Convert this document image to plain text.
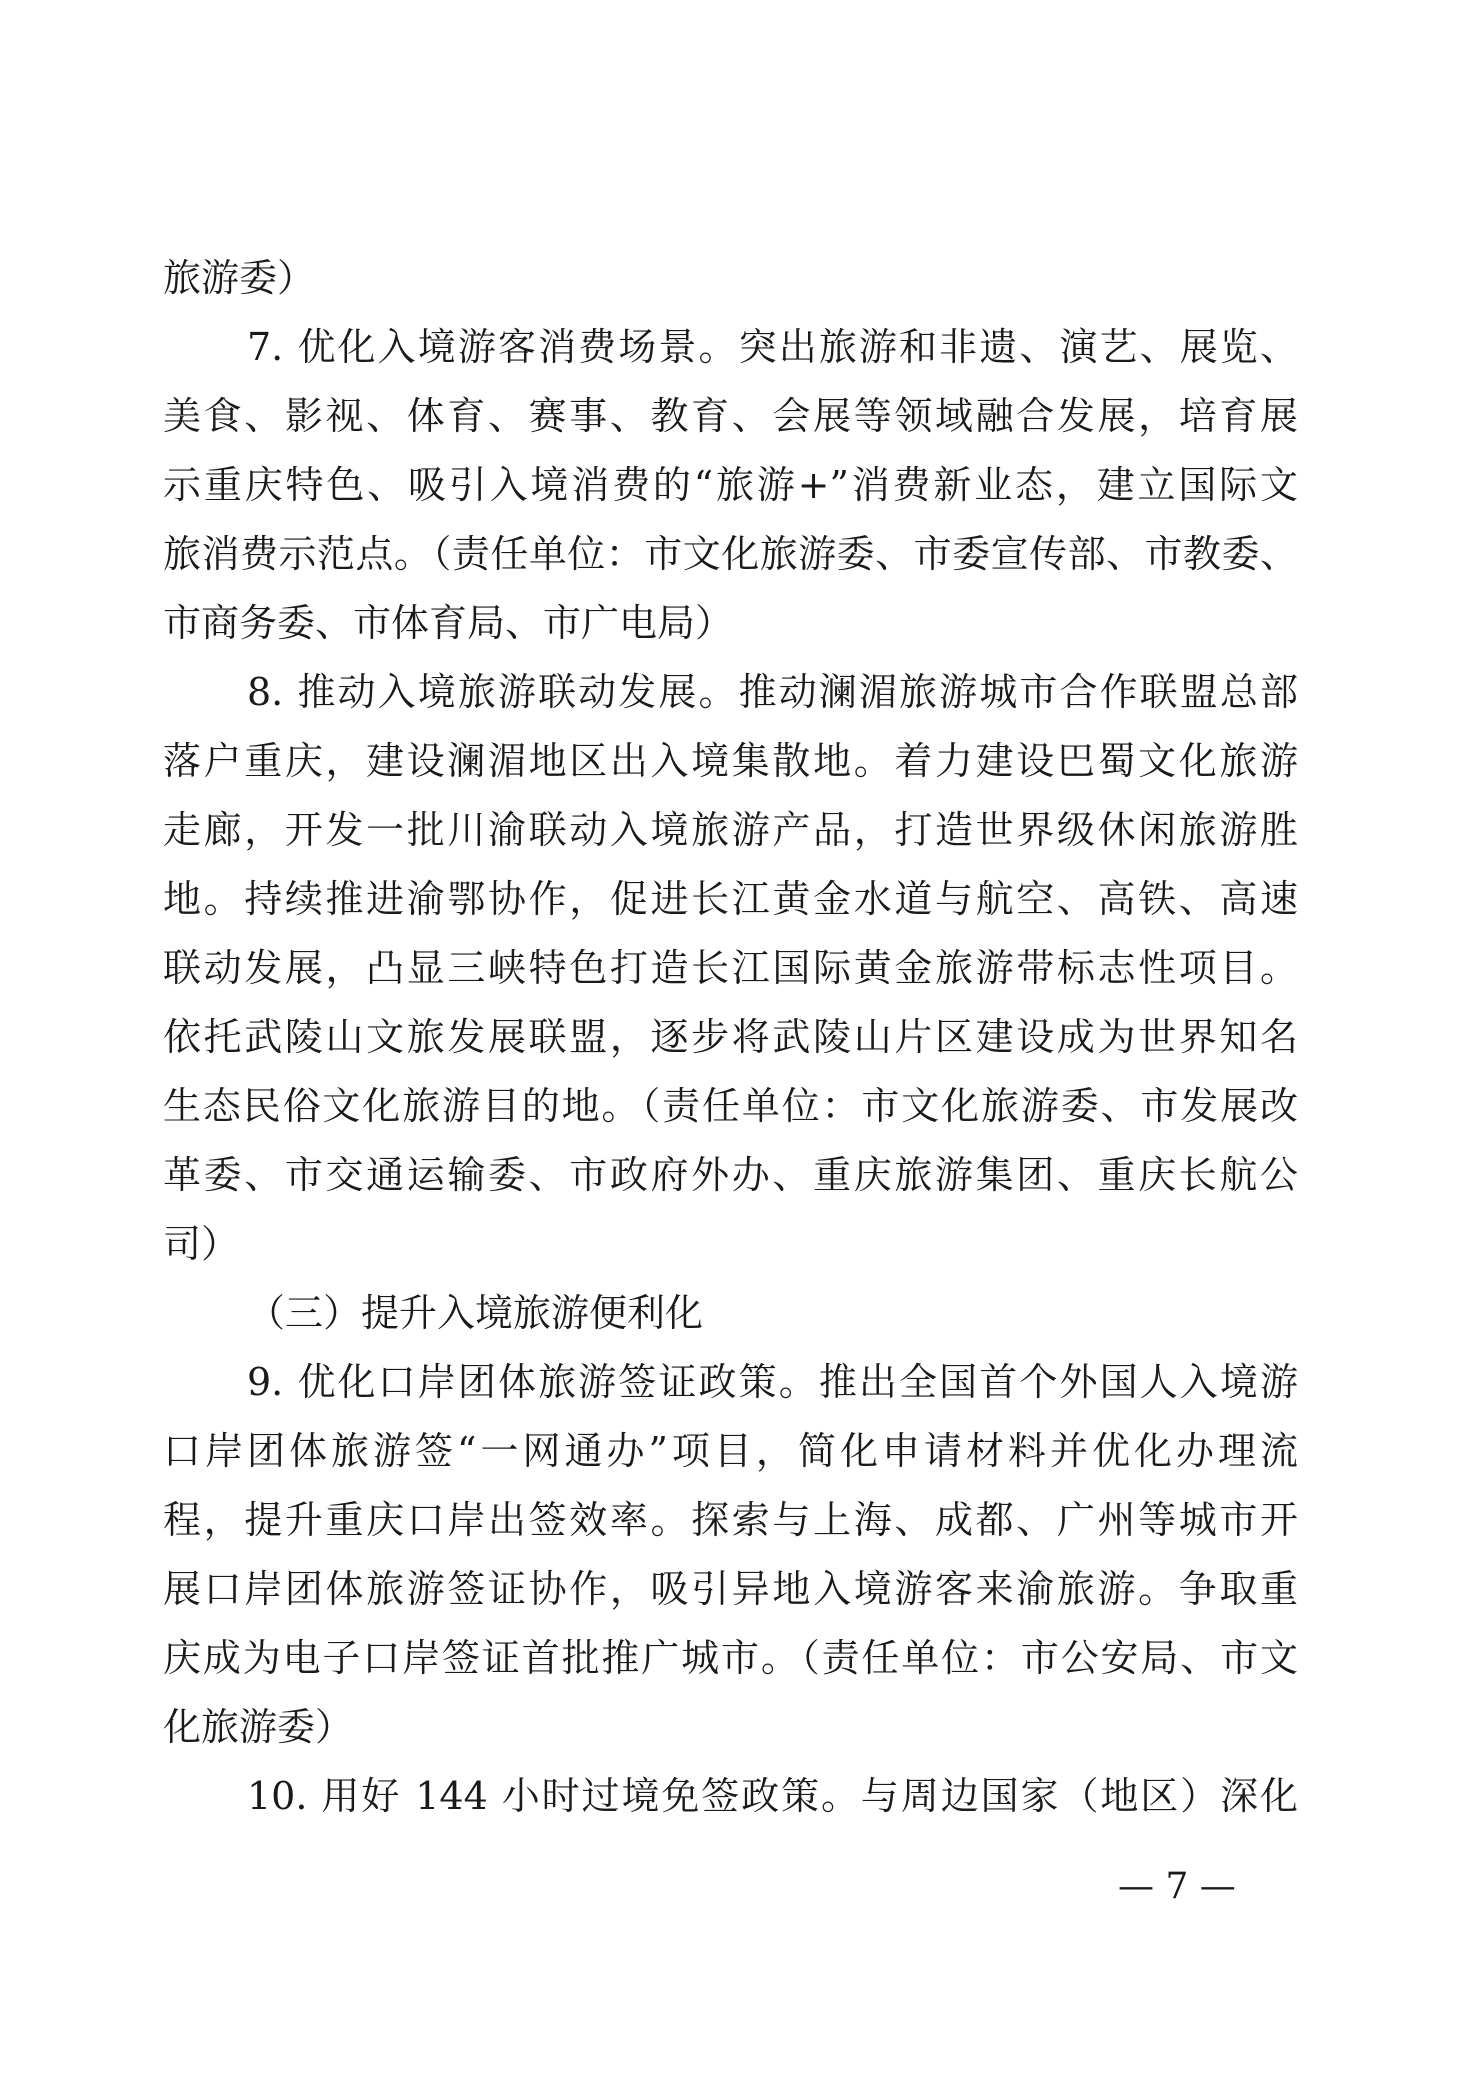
旅游委）
7. 优化入境游客消费场景。突出旅游和非遗、演艺、展览、
美食、影视、体育、赛事、教育、会展等领域融合发展，培育展
示重庆特色、吸引入境消费的“旅游+”消费新业态，建立国际文
旅消费示范点。（责任单位：市文化旅游委、市委宣传部、市教委、
市商务委、市体育局、市广电局）
8. 推动入境旅游联动发展。推动澜湄旅游城市合作联盟总部
落户重庆，建设澜湄地区出入境集散地。着力建设巴蜀文化旅游
走廊，开发一批川渝联动入境旅游产品，打造世界级休闲旅游胜
地。持续推进渝鄂协作，促进长江黄金水道与航空、高铁、高速
联动发展，凸显三峡特色打造长江国际黄金旅游带标志性项目。
依托武陵山文旅发展联盟，逐步将武陵山片区建设成为世界知名
生态民俗文化旅游目的地。（责任单位：市文化旅游委、市发展改
革委、市交通运输委、市政府外办、重庆旅游集团、重庆长航公
司）
（三）提升入境旅游便利化
9. 优化口岸团体旅游签证政策。推出全国首个外国人入境游
口岸团体旅游签“一网通办”项目，简化申请材料并优化办理流
程，提升重庆口岸出签效率。探索与上海、成都、广州等城市开
展口岸团体旅游签证协作，吸引异地入境游客来渝旅游。争取重
庆成为电子口岸签证首批推广城市。（责任单位：市公安局、市文
化旅游委）
10. 用好 144 小时过境免签政策。与周边国家（地区）深化
— 7 —
